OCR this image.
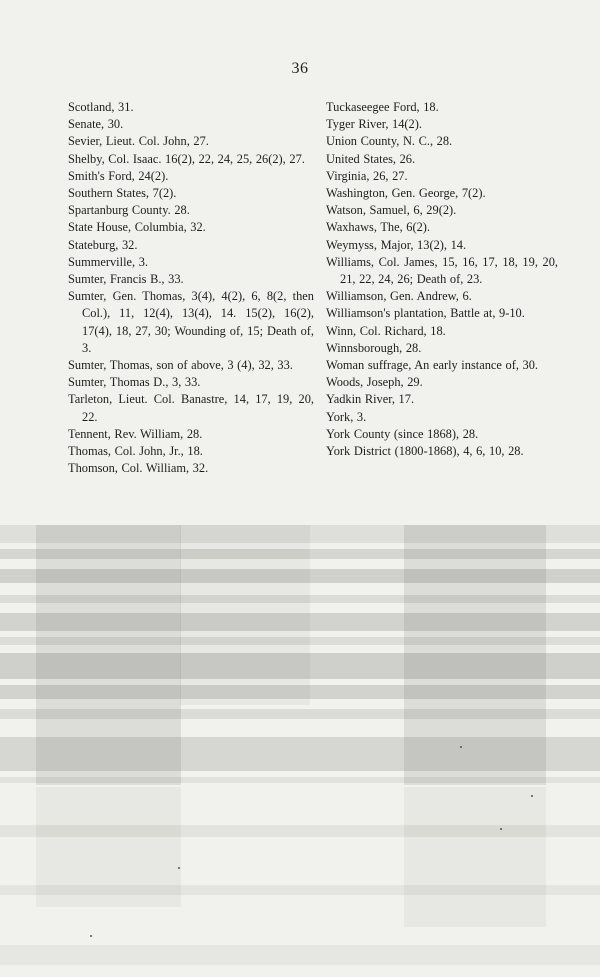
36
Scotland, 31.
Senate, 30.
Sevier, Lieut. Col. John, 27.
Shelby, Col. Isaac. 16(2), 22, 24, 25, 26(2), 27.
Smith's Ford, 24(2).
Southern States, 7(2).
Spartanburg County. 28.
State House, Columbia, 32.
Stateburg, 32.
Summerville, 3.
Sumter, Francis B., 33.
Sumter, Gen. Thomas, 3(4), 4(2), 6, 8(2, then Col.), 11, 12(4), 13(4), 14. 15(2), 16(2), 17(4), 18, 27, 30; Wounding of, 15; Death of, 3.
Sumter, Thomas, son of above, 3 (4), 32, 33.
Sumter, Thomas D., 3, 33.
Tarleton, Lieut. Col. Banastre, 14, 17, 19, 20, 22.
Tennent, Rev. William, 28.
Thomas, Col. John, Jr., 18.
Thomson, Col. William, 32.
Tuckaseegee Ford, 18.
Tyger River, 14(2).
Union County, N. C., 28.
United States, 26.
Virginia, 26, 27.
Washington, Gen. George, 7(2).
Watson, Samuel, 6, 29(2).
Waxhaws, The, 6(2).
Weymyss, Major, 13(2), 14.
Williams, Col. James, 15, 16, 17, 18, 19, 20, 21, 22, 24, 26; Death of, 23.
Williamson, Gen. Andrew, 6.
Williamson's plantation, Battle at, 9-10.
Winn, Col. Richard, 18.
Winnsborough, 28.
Woman suffrage, An early instance of, 30.
Woods, Joseph, 29.
Yadkin River, 17.
York, 3.
York County (since 1868), 28.
York District (1800-1868), 4, 6, 10, 28.
